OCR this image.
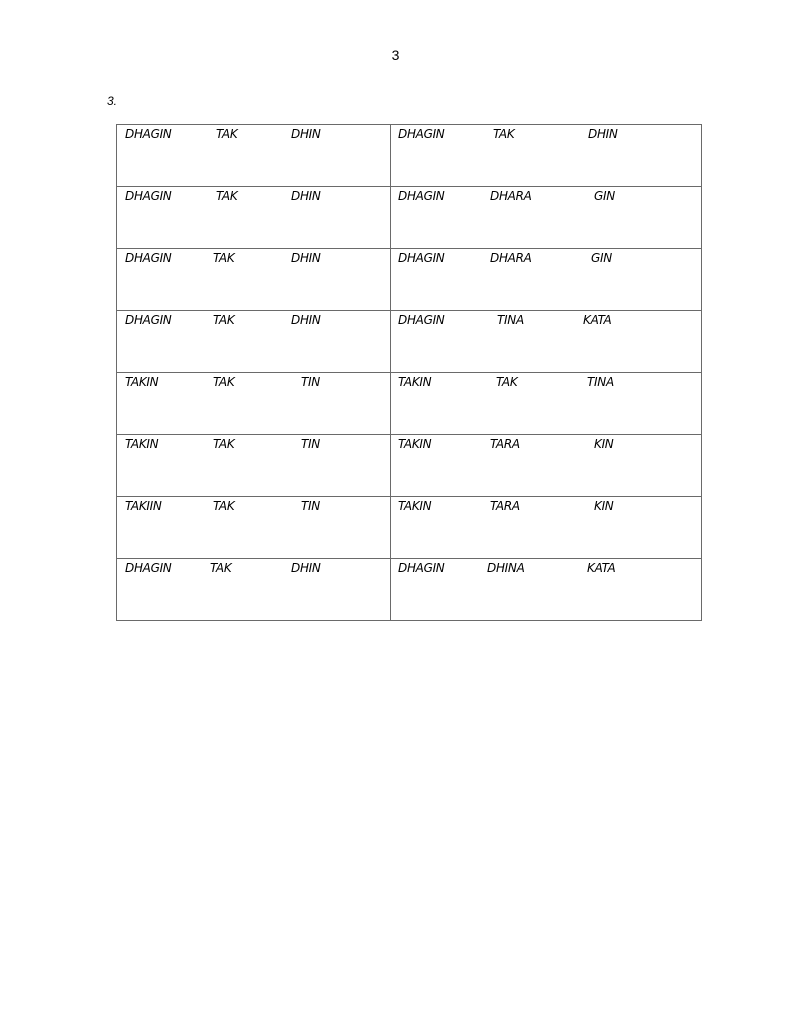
3
3.
DHAGIN TAK DHIN	DHAGIN TAK DHIN

DHAGIN TAK DHIN	DHAGIN DHARA GIN

DHAGIN TAK DHIN	DHAGIN DHARA GIN

DHAGIN TAK DHIN	DHAGIN TINA KATA

TAKIN TAK TIN	TAKIN TAK TINA

TAKIN TAK TIN	TAKIN TARA KIN

TAKIIN TAK TIN	TAKIN TARA KIN

DHAGIN TAK DHIN	DHAGIN DHINA KATA
